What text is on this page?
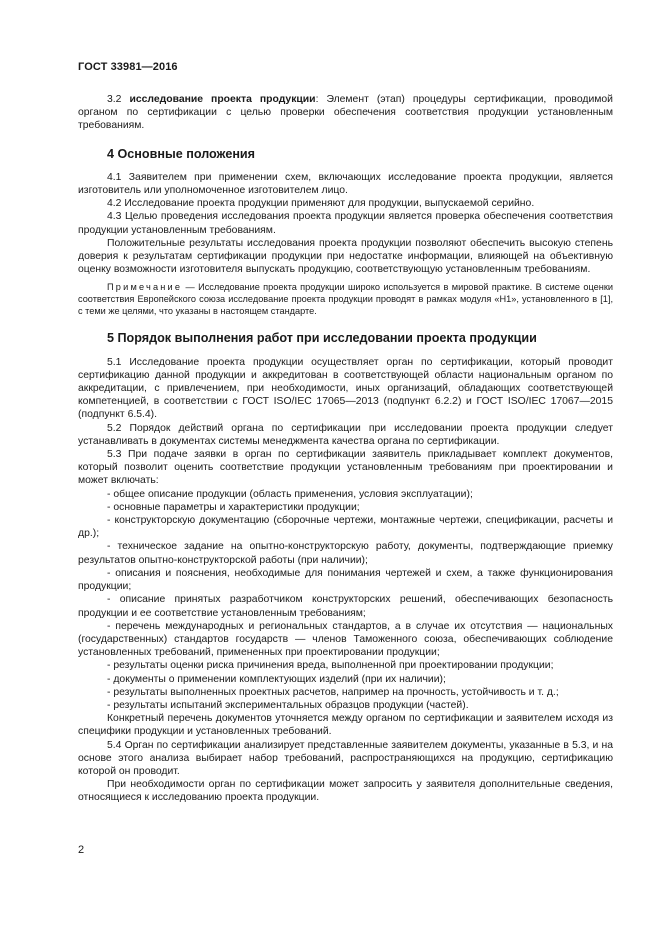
ГОСТ 33981—2016

3.2 исследование проекта продукции: Элемент (этап) процедуры сертификации, проводимой органом по сертификации с целью проверки обеспечения соответствия продукции установленным требованиям.

4 Основные положения

4.1 Заявителем при применении схем, включающих исследование проекта продукции, является изготовитель или уполномоченное изготовителем лицо.

4.2 Исследование проекта продукции применяют для продукции, выпускаемой серийно.

4.3 Целью проведения исследования проекта продукции является проверка обеспечения соответствия продукции установленным требованиям.

Положительные результаты исследования проекта продукции позволяют обеспечить высокую степень доверия к результатам сертификации продукции при недостатке информации, влияющей на объективную оценку возможности изготовителя выпускать продукцию, соответствующую установленным требованиям.

Примечание — Исследование проекта продукции широко используется в мировой практике. В системе оценки соответствия Европейского союза исследование проекта продукции проводят в рамках модуля «H1», установленного в [1], с теми же целями, что указаны в настоящем стандарте.

5 Порядок выполнения работ при исследовании проекта продукции

5.1 Исследование проекта продукции осуществляет орган по сертификации, который проводит сертификацию данной продукции и аккредитован в соответствующей области национальным органом по аккредитации, с привлечением, при необходимости, иных организаций, обладающих соответствующей компетенцией, в соответствии с ГОСТ ISO/IEC 17065—2013 (подпункт 6.2.2) и ГОСТ ISO/IEC 17067—2015 (подпункт 6.5.4).

5.2 Порядок действий органа по сертификации при исследовании проекта продукции следует устанавливать в документах системы менеджмента качества органа по сертификации.

5.3 При подаче заявки в орган по сертификации заявитель прикладывает комплект документов, который позволит оценить соответствие продукции установленным требованиям при проектировании и может включать:

- общее описание продукции (область применения, условия эксплуатации);

- основные параметры и характеристики продукции;

- конструкторскую документацию (сборочные чертежи, монтажные чертежи, спецификации, расчеты и др.);

- техническое задание на опытно-конструкторскую работу, документы, подтверждающие приемку результатов опытно-конструкторской работы (при наличии);

- описания и пояснения, необходимые для понимания чертежей и схем, а также функционирования продукции;

- описание принятых разработчиком конструкторских решений, обеспечивающих безопасность продукции и ее соответствие установленным требованиям;

- перечень международных и региональных стандартов, а в случае их отсутствия — национальных (государственных) стандартов государств — членов Таможенного союза, обеспечивающих соблюдение установленных требований, примененных при проектировании продукции;

- результаты оценки риска причинения вреда, выполненной при проектировании продукции;

- документы о применении комплектующих изделий (при их наличии);

- результаты выполненных проектных расчетов, например на прочность, устойчивость и т. д.;

- результаты испытаний экспериментальных образцов продукции (частей).

Конкретный перечень документов уточняется между органом по сертификации и заявителем исходя из специфики продукции и установленных требований.

5.4 Орган по сертификации анализирует представленные заявителем документы, указанные в 5.3, и на основе этого анализа выбирает набор требований, распространяющихся на продукцию, сертификацию которой он проводит.

При необходимости орган по сертификации может запросить у заявителя дополнительные сведения, относящиеся к исследованию проекта продукции.

2
